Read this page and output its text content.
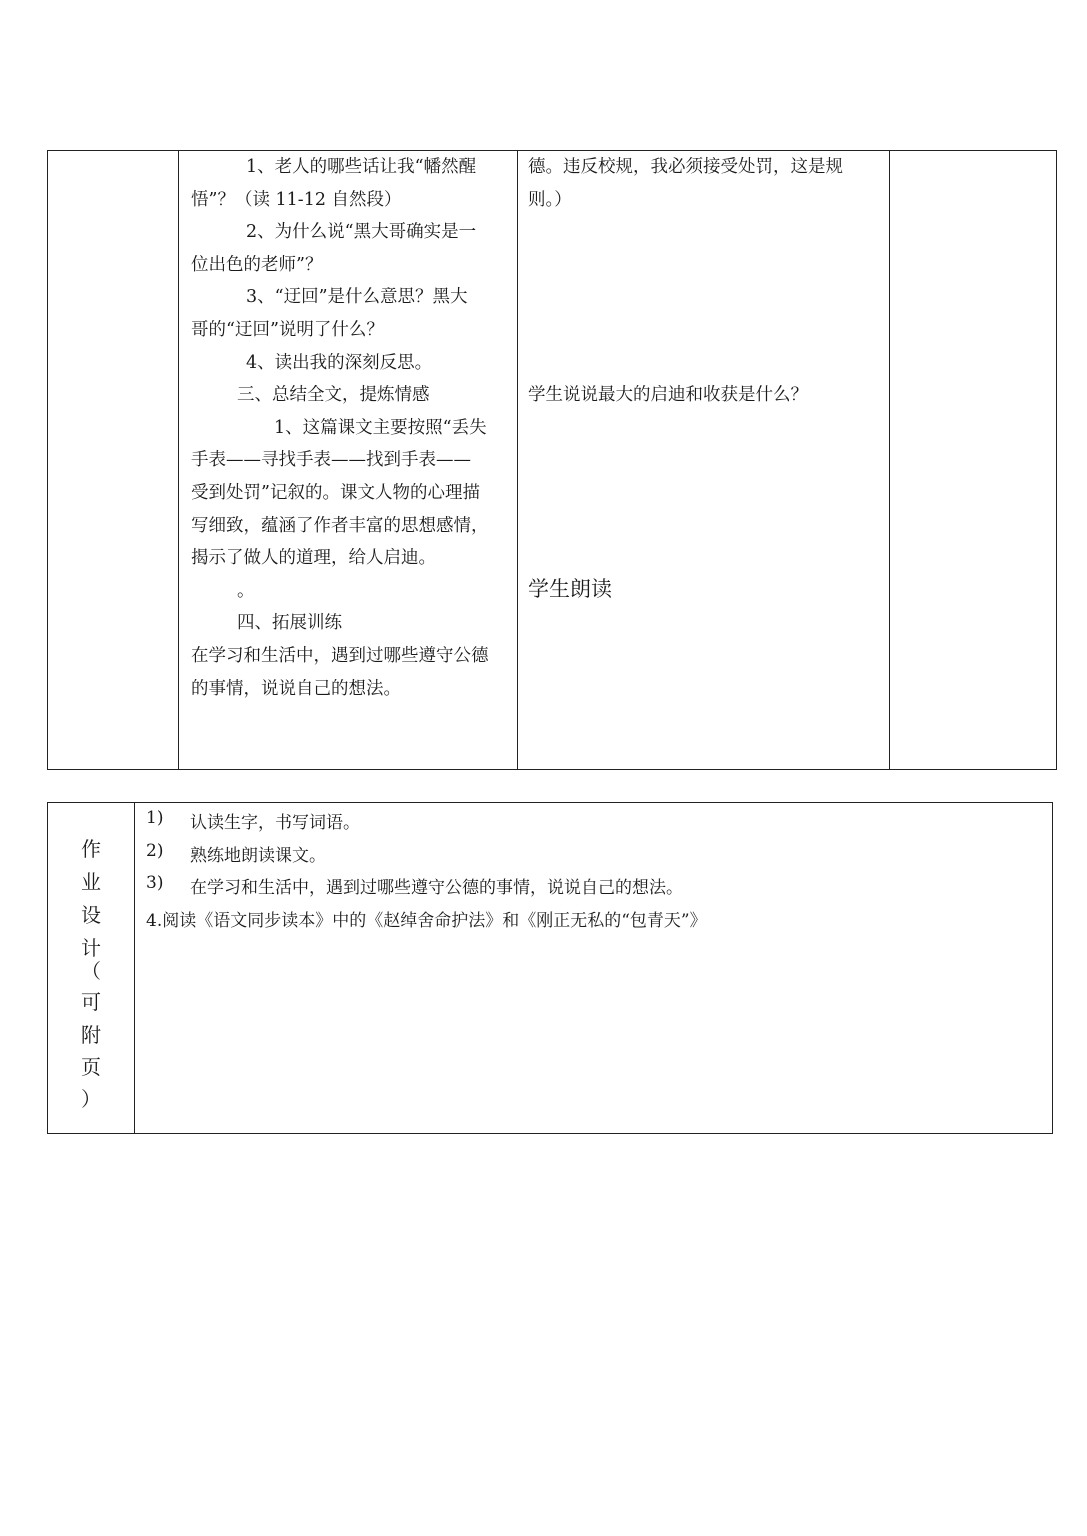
1、老人的哪些话让我“幡然醒

悟”？（读 11-12 自然段）

2、为什么说“黑大哥确实是一

位出色的老师”？

3、“迂回”是什么意思？黑大

哥的“迂回”说明了什么？

4、读出我的深刻反思。

三、总结全文，提炼情感

1、这篇课文主要按照“丢失

手表——寻找手表——找到手表——

受到处罚”记叙的。课文人物的心理描

写细致，蕴涵了作者丰富的思想感情，

揭示了做人的道理，给人启迪。

。

四、拓展训练

在学习和生活中，遇到过哪些遵守公德

的事情，说说自己的想法。

德。违反校规，我必须接受处罚，这是规

则。）

学生说说最大的启迪和收获是什么？
学生朗读
作
业
设
计
（
可
附
页
）
1) 认读生字，书写词语。
2) 熟练地朗读课文。
3) 在学习和生活中，遇到过哪些遵守公德的事情，说说自己的想法。
4.阅读《语文同步读本》中的《赵绰舍命护法》和《刚正无私的“包青天”》
